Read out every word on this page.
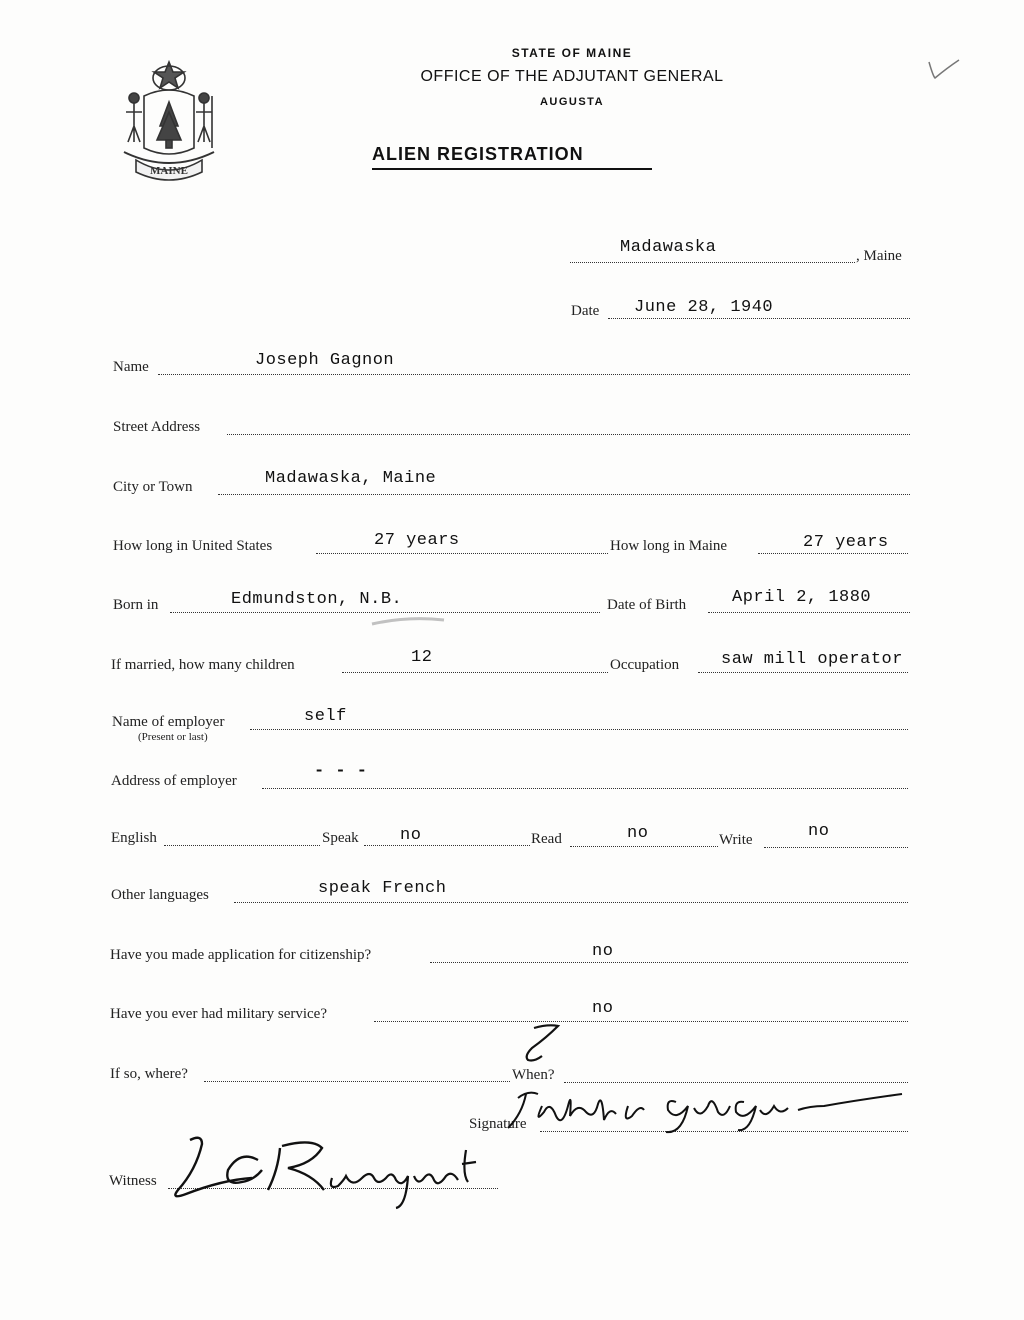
MAINE
STATE OF MAINE
OFFICE OF THE ADJUTANT GENERAL
AUGUSTA
ALIEN REGISTRATION
Madawaska	, Maine
Date June 28, 1940
Name	Joseph Gagnon
Street Address
City or Town	Madawaska, Maine
How long in United States	27 years	How long in Maine	27 years
Born in	Edmundston, N.B.	Date of Birth	April 2, 1880
If married, how many children	12	Occupation saw mill operator
Name of employer
(Present or last)
self
Address of employer	- - -
English	Speak no	Read	no	Write	no
Other languages	speak French
Have you made application for citizenship?	no
Have you ever had military service?	no
If so, where?	When?
Signature
Witness
